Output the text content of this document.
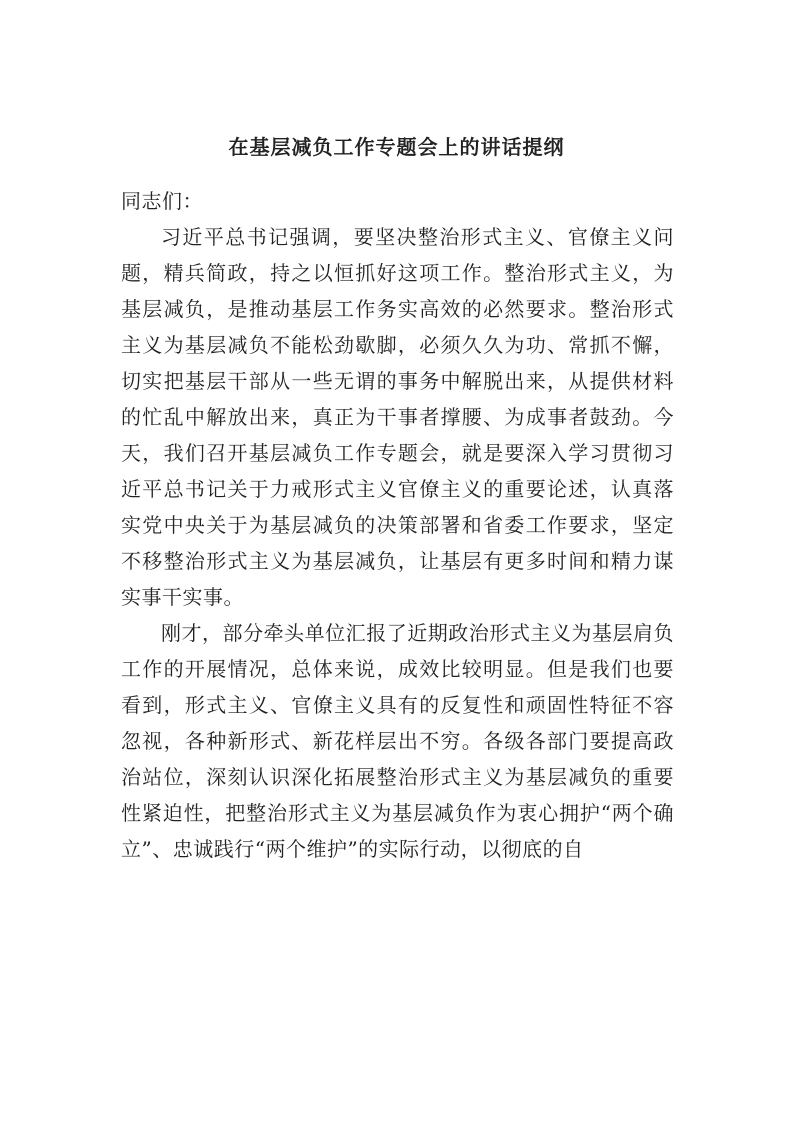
在基层减负工作专题会上的讲话提纲

同志们：

习近平总书记强调，要坚决整治形式主义、官僚主义问题，精兵简政，持之以恒抓好这项工作。整治形式主义，为基层减负，是推动基层工作务实高效的必然要求。整治形式主义为基层减负不能松劲歇脚，必须久久为功、常抓不懈，切实把基层干部从一些无谓的事务中解脱出来，从提供材料的忙乱中解放出来，真正为干事者撑腰、为成事者鼓劲。今天，我们召开基层减负工作专题会，就是要深入学习贯彻习近平总书记关于力戒形式主义官僚主义的重要论述，认真落实党中央关于为基层减负的决策部署和省委工作要求，坚定不移整治形式主义为基层减负，让基层有更多时间和精力谋实事干实事。

刚才，部分牵头单位汇报了近期政治形式主义为基层肩负工作的开展情况，总体来说，成效比较明显。但是我们也要看到，形式主义、官僚主义具有的反复性和顽固性特征不容忽视，各种新形式、新花样层出不穷。各级各部门要提高政治站位，深刻认识深化拓展整治形式主义为基层减负的重要性紧迫性，把整治形式主义为基层减负作为衷心拥护“两个确立”、忠诚践行“两个维护”的实际行动，以彻底的自
